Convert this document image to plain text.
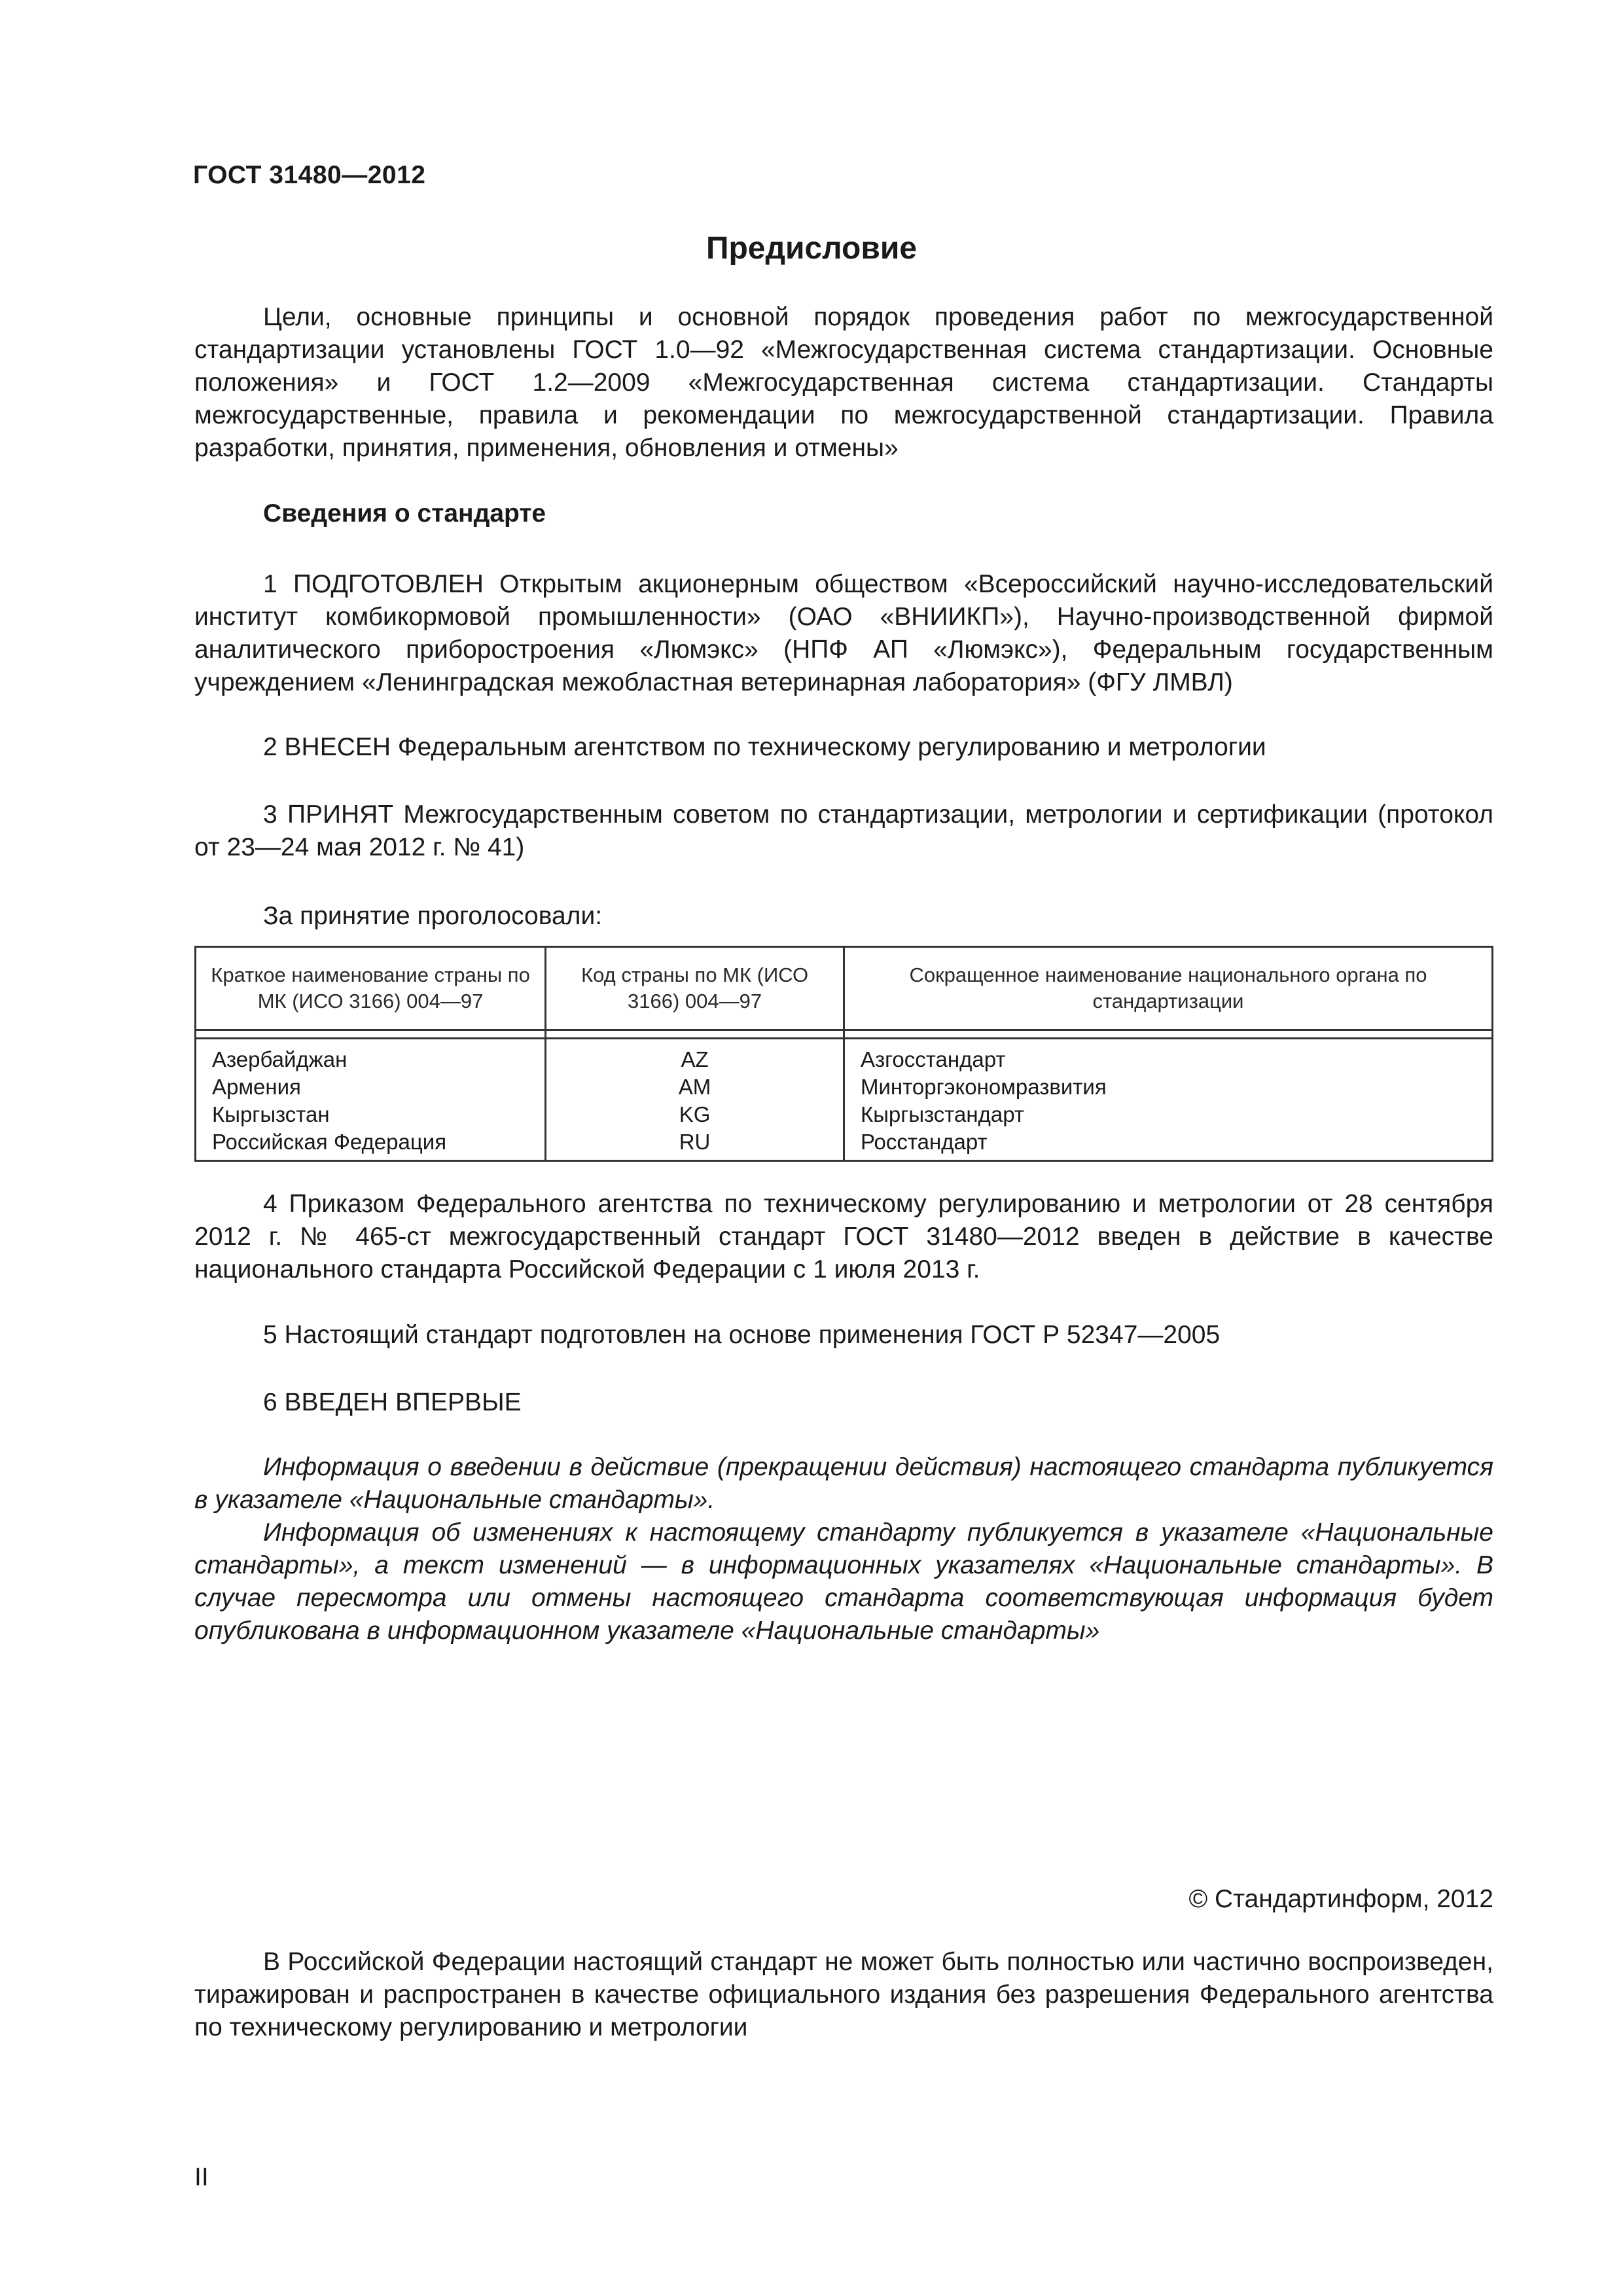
ГОСТ 31480—2012
Предисловие

Цели, основные принципы и основной порядок проведения работ по межгосударственной стандартизации установлены ГОСТ 1.0—92 «Межгосударственная система стандартизации. Основные положения» и ГОСТ 1.2—2009 «Межгосударственная система стандартизации. Стандарты межгосударственные, правила и рекомендации по межгосударственной стандартизации. Правила разработки, принятия, применения, обновления и отмены»

Сведения о стандарте

1 ПОДГОТОВЛЕН Открытым акционерным обществом «Всероссийский научно-исследовательский институт комбикормовой промышленности» (ОАО «ВНИИКП»), Научно-производственной фирмой аналитического приборостроения «Люмэкс» (НПФ АП «Люмэкс»), Федеральным государственным учреждением «Ленинградская межобластная ветеринарная лаборатория» (ФГУ ЛМВЛ)

2 ВНЕСЕН Федеральным агентством по техническому регулированию и метрологии

3 ПРИНЯТ Межгосударственным советом по стандартизации, метрологии и сертификации (протокол от 23—24 мая 2012 г. № 41)

За принятие проголосовали:
Краткое наименование страны по МК (ИСО 3166) 004—97	Код страны по МК (ИСО 3166) 004—97	Сокращенное наименование национального органа по стандартизации

Азербайджан	AZ	Азгосстандарт
Армения	AM	Минторгэкономразвития
Кыргызстан	KG	Кыргызстандарт
Российская Федерация	RU	Росстандарт

4 Приказом Федерального агентства по техническому регулированию и метрологии от 28 сентября 2012 г. № 465-ст межгосударственный стандарт ГОСТ 31480—2012 введен в действие в качестве национального стандарта Российской Федерации с 1 июля 2013 г.

5 Настоящий стандарт подготовлен на основе применения ГОСТ Р 52347—2005

6 ВВЕДЕН ВПЕРВЫЕ

Информация о введении в действие (прекращении действия) настоящего стандарта публикуется в указателе «Национальные стандарты».

Информация об изменениях к настоящему стандарту публикуется в указателе «Национальные стандарты», а текст изменений — в информационных указателях «Национальные стандарты». В случае пересмотра или отмены настоящего стандарта соответствующая информация будет опубликована в информационном указателе «Национальные стандарты»

© Стандартинформ, 2012

В Российской Федерации настоящий стандарт не может быть полностью или частично воспроизведен, тиражирован и распространен в качестве официального издания без разрешения Федерального агентства по техническому регулированию и метрологии

II
